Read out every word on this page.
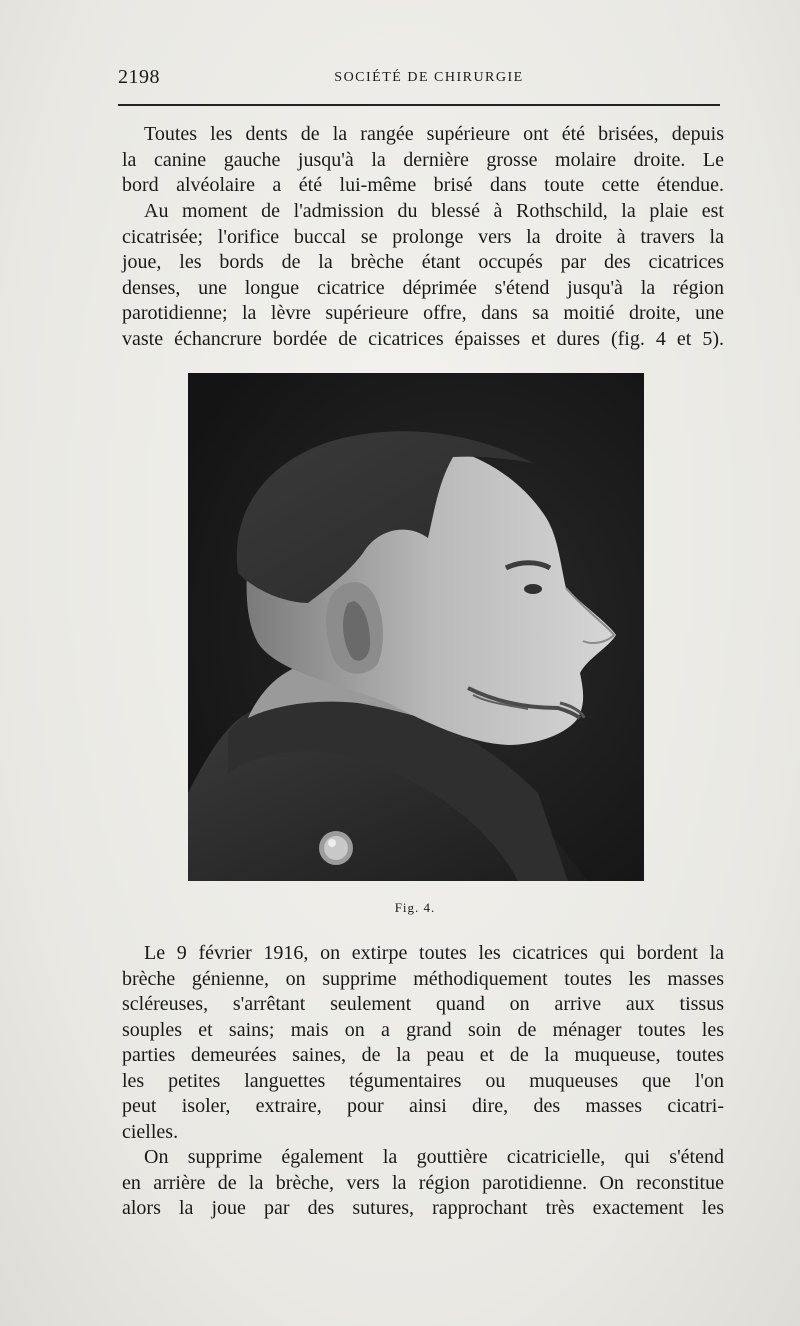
2198	SOCIÉTÉ DE CHIRURGIE

Toutes les dents de la rangée supérieure ont été brisées, depuis
la canine gauche jusqu'à la dernière grosse molaire droite. Le
bord alvéolaire a été lui-même brisé dans toute cette étendue.

Au moment de l'admission du blessé à Rothschild, la plaie est
cicatrisée; l'orifice buccal se prolonge vers la droite à travers la
joue, les bords de la brèche étant occupés par des cicatrices
denses, une longue cicatrice déprimée s'étend jusqu'à la région
parotidienne; la lèvre supérieure offre, dans sa moitié droite, une
vaste échancrure bordée de cicatrices épaisses et dures (fig. 4 et 5).

Fig. 4.

Le 9 février 1916, on extirpe toutes les cicatrices qui bordent la
brèche génienne, on supprime méthodiquement toutes les masses
scléreuses, s'arrêtant seulement quand on arrive aux tissus
souples et sains; mais on a grand soin de ménager toutes les
parties demeurées saines, de la peau et de la muqueuse, toutes
les petites languettes tégumentaires ou muqueuses que l'on
peut isoler, extraire, pour ainsi dire, des masses cicatri-
cielles.

On supprime également la gouttière cicatricielle, qui s'étend
en arrière de la brèche, vers la région parotidienne. On reconstitue
alors la joue par des sutures, rapprochant très exactement les
